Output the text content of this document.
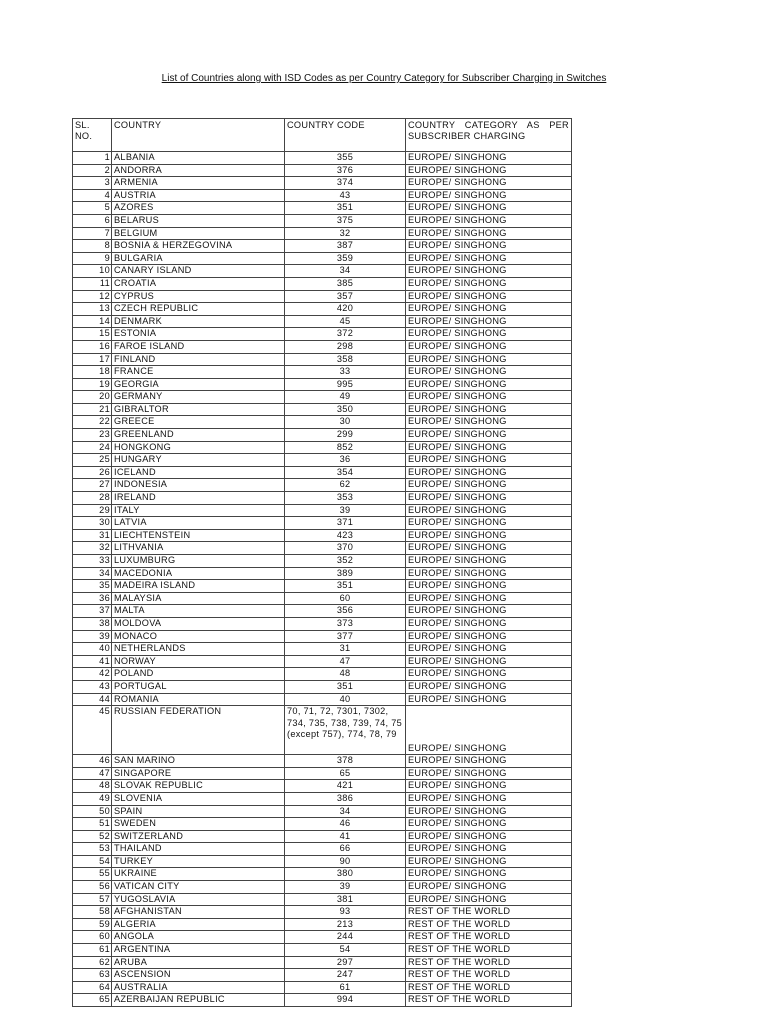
List of Countries along with ISD Codes as per Country Category for Subscriber Charging in Switches
SL. NO.	COUNTRY	COUNTRY CODE	COUNTRY CATEGORY AS PER SUBSCRIBER CHARGING
1	ALBANIA	355	EUROPE/ SINGHONG
2	ANDORRA	376	EUROPE/ SINGHONG
3	ARMENIA	374	EUROPE/ SINGHONG
4	AUSTRIA	43	EUROPE/ SINGHONG
5	AZORES	351	EUROPE/ SINGHONG
6	BELARUS	375	EUROPE/ SINGHONG
7	BELGIUM	32	EUROPE/ SINGHONG
8	BOSNIA & HERZEGOVINA	387	EUROPE/ SINGHONG
9	BULGARIA	359	EUROPE/ SINGHONG
10	CANARY ISLAND	34	EUROPE/ SINGHONG
11	CROATIA	385	EUROPE/ SINGHONG
12	CYPRUS	357	EUROPE/ SINGHONG
13	CZECH REPUBLIC	420	EUROPE/ SINGHONG
14	DENMARK	45	EUROPE/ SINGHONG
15	ESTONIA	372	EUROPE/ SINGHONG
16	FAROE ISLAND	298	EUROPE/ SINGHONG
17	FINLAND	358	EUROPE/ SINGHONG
18	FRANCE	33	EUROPE/ SINGHONG
19	GEORGIA	995	EUROPE/ SINGHONG
20	GERMANY	49	EUROPE/ SINGHONG
21	GIBRALTOR	350	EUROPE/ SINGHONG
22	GREECE	30	EUROPE/ SINGHONG
23	GREENLAND	299	EUROPE/ SINGHONG
24	HONGKONG	852	EUROPE/ SINGHONG
25	HUNGARY	36	EUROPE/ SINGHONG
26	ICELAND	354	EUROPE/ SINGHONG
27	INDONESIA	62	EUROPE/ SINGHONG
28	IRELAND	353	EUROPE/ SINGHONG
29	ITALY	39	EUROPE/ SINGHONG
30	LATVIA	371	EUROPE/ SINGHONG
31	LIECHTENSTEIN	423	EUROPE/ SINGHONG
32	LITHVANIA	370	EUROPE/ SINGHONG
33	LUXUMBURG	352	EUROPE/ SINGHONG
34	MACEDONIA	389	EUROPE/ SINGHONG
35	MADEIRA ISLAND	351	EUROPE/ SINGHONG
36	MALAYSIA	60	EUROPE/ SINGHONG
37	MALTA	356	EUROPE/ SINGHONG
38	MOLDOVA	373	EUROPE/ SINGHONG
39	MONACO	377	EUROPE/ SINGHONG
40	NETHERLANDS	31	EUROPE/ SINGHONG
41	NORWAY	47	EUROPE/ SINGHONG
42	POLAND	48	EUROPE/ SINGHONG
43	PORTUGAL	351	EUROPE/ SINGHONG
44	ROMANIA	40	EUROPE/ SINGHONG
45	RUSSIAN FEDERATION	70, 71, 72, 7301, 7302, 734, 735, 738, 739, 74, 75 (except 757), 774, 78, 79	EUROPE/ SINGHONG
46	SAN MARINO	378	EUROPE/ SINGHONG
47	SINGAPORE	65	EUROPE/ SINGHONG
48	SLOVAK REPUBLIC	421	EUROPE/ SINGHONG
49	SLOVENIA	386	EUROPE/ SINGHONG
50	SPAIN	34	EUROPE/ SINGHONG
51	SWEDEN	46	EUROPE/ SINGHONG
52	SWITZERLAND	41	EUROPE/ SINGHONG
53	THAILAND	66	EUROPE/ SINGHONG
54	TURKEY	90	EUROPE/ SINGHONG
55	UKRAINE	380	EUROPE/ SINGHONG
56	VATICAN CITY	39	EUROPE/ SINGHONG
57	YUGOSLAVIA	381	EUROPE/ SINGHONG
58	AFGHANISTAN	93	REST OF THE WORLD
59	ALGERIA	213	REST OF THE WORLD
60	ANGOLA	244	REST OF THE WORLD
61	ARGENTINA	54	REST OF THE WORLD
62	ARUBA	297	REST OF THE WORLD
63	ASCENSION	247	REST OF THE WORLD
64	AUSTRALIA	61	REST OF THE WORLD
65	AZERBAIJAN REPUBLIC	994	REST OF THE WORLD
